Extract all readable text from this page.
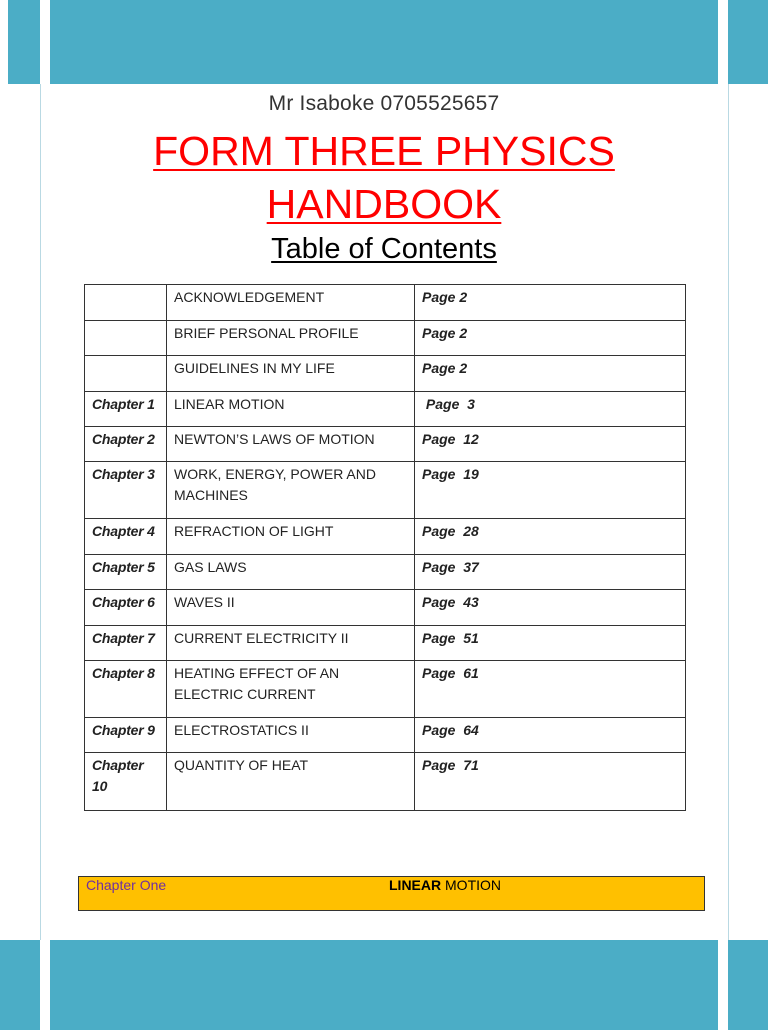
Mr Isaboke 0705525657
FORM THREE PHYSICS
HANDBOOK
Table of Contents
	ACKNOWLEDGEMENT	Page 2
	BRIEF PERSONAL PROFILE	Page 2
	GUIDELINES IN MY LIFE	Page 2
Chapter 1	LINEAR MOTION	Page  3
Chapter 2	NEWTON’S LAWS OF MOTION	Page  12
Chapter 3	WORK, ENERGY, POWER AND MACHINES	Page  19
Chapter 4	REFRACTION OF LIGHT	Page  28
Chapter 5	GAS LAWS	Page  37
Chapter 6	WAVES II	Page  43
Chapter 7	CURRENT ELECTRICITY II	Page  51
Chapter 8	HEATING EFFECT OF AN ELECTRIC CURRENT	Page  61
Chapter 9	ELECTROSTATICS II	Page  64
Chapter 10	QUANTITY OF HEAT	Page  71
Chapter One	LINEAR MOTION
